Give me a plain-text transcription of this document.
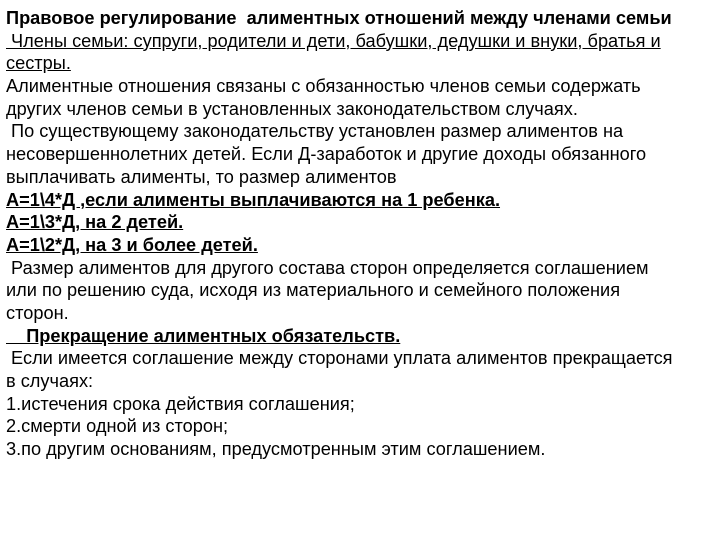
Правовое регулирование  алиментных отношений между членами семьи
Члены семьи: супруги, родители и дети, бабушки, дедушки и внуки, братья и
сестры.
Алиментные отношения связаны с обязанностью членов семьи содержать
других членов семьи в установленных законодательством случаях.
По существующему законодательству установлен размер алиментов на
несовершеннолетних детей. Если Д-заработок и другие доходы обязанного
выплачивать алименты, то размер алиментов
А=1\4*Д ,если алименты выплачиваются на 1 ребенка.
А=1\3*Д, на 2 детей.
А=1\2*Д, на 3 и более детей.
Размер алиментов для другого состава сторон определяется соглашением
или по решению суда, исходя из материального и семейного положения
сторон.
Прекращение алиментных обязательств.
Если имеется соглашение между сторонами уплата алиментов прекращается
в случаях:
1.истечения срока действия соглашения;
2.смерти одной из сторон;
3.по другим основаниям, предусмотренным этим соглашением.
